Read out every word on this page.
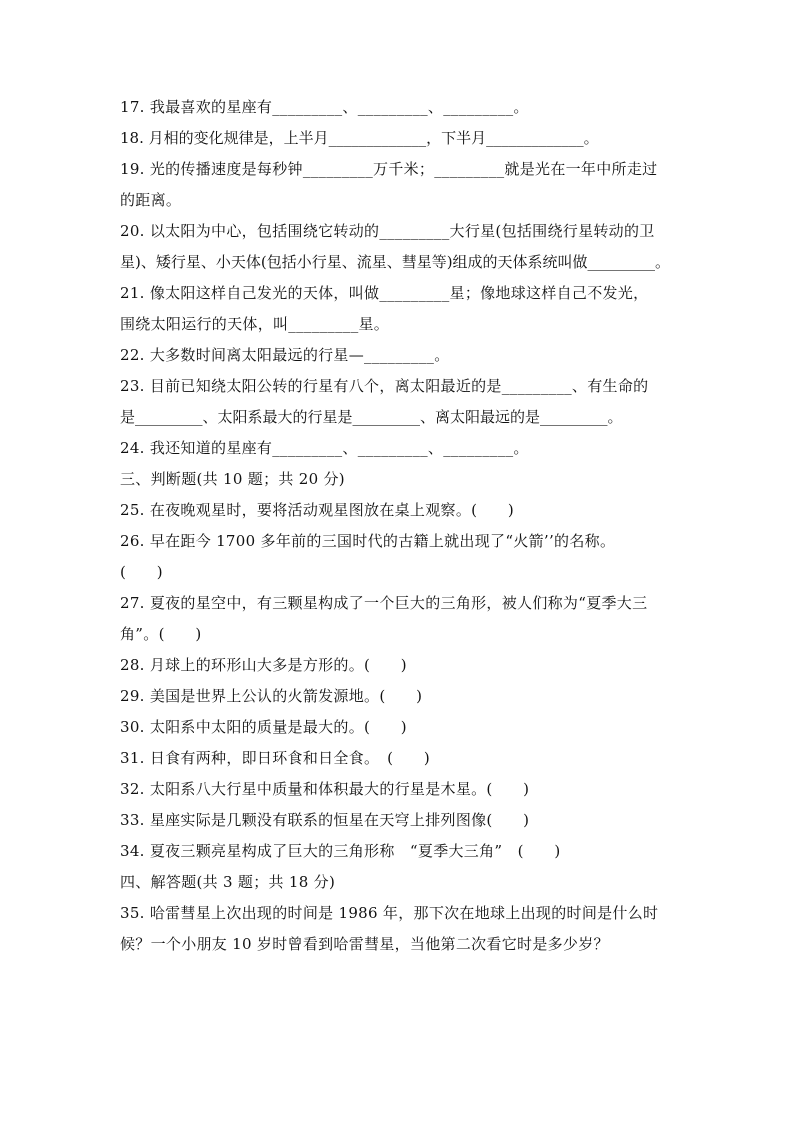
17. 我最喜欢的星座有_________、_________、_________。
18. 月相的变化规律是，上半月_____________，下半月_____________。
19. 光的传播速度是每秒钟_________万千米；_________就是光在一年中所走过
的距离。
20. 以太阳为中心，包括围绕它转动的_________大行星(包括围绕行星转动的卫
星)、矮行星、小天体(包括小行星、流星、彗星等)组成的天体系统叫做_________。
21. 像太阳这样自己发光的天体，叫做_________星；像地球这样自己不发光，
围绕太阳运行的天体，叫_________星。
22. 大多数时间离太阳最远的行星—_________。
23. 目前已知绕太阳公转的行星有八个，离太阳最近的是_________、有生命的
是_________、太阳系最大的行星是_________、离太阳最远的是_________。
24. 我还知道的星座有_________、_________、_________。
三、判断题(共 10 题；共 20 分)
25. 在夜晚观星时，要将活动观星图放在桌上观察。(　　)
26. 早在距今 1700 多年前的三国时代的古籍上就出现了“火箭’’的名称。
(　　)
27. 夏夜的星空中，有三颗星构成了一个巨大的三角形，被人们称为“夏季大三
角”。(　　)
28. 月球上的环形山大多是方形的。(　　)
29. 美国是世界上公认的火箭发源地。(　　)
30. 太阳系中太阳的质量是最大的。(　　)
31. 日食有两种，即日环食和日全食。　(　　)
32. 太阳系八大行星中质量和体积最大的行星是木星。(　　)
33. 星座实际是几颗没有联系的恒星在天穹上排列图像(　　)
34. 夏夜三颗亮星构成了巨大的三角形称　“夏季大三角”　(　　)
四、解答题(共 3 题；共 18 分)
35. 哈雷彗星上次出现的时间是 1986 年，那下次在地球上出现的时间是什么时
候？一个小朋友 10 岁时曾看到哈雷彗星，当他第二次看它时是多少岁？
